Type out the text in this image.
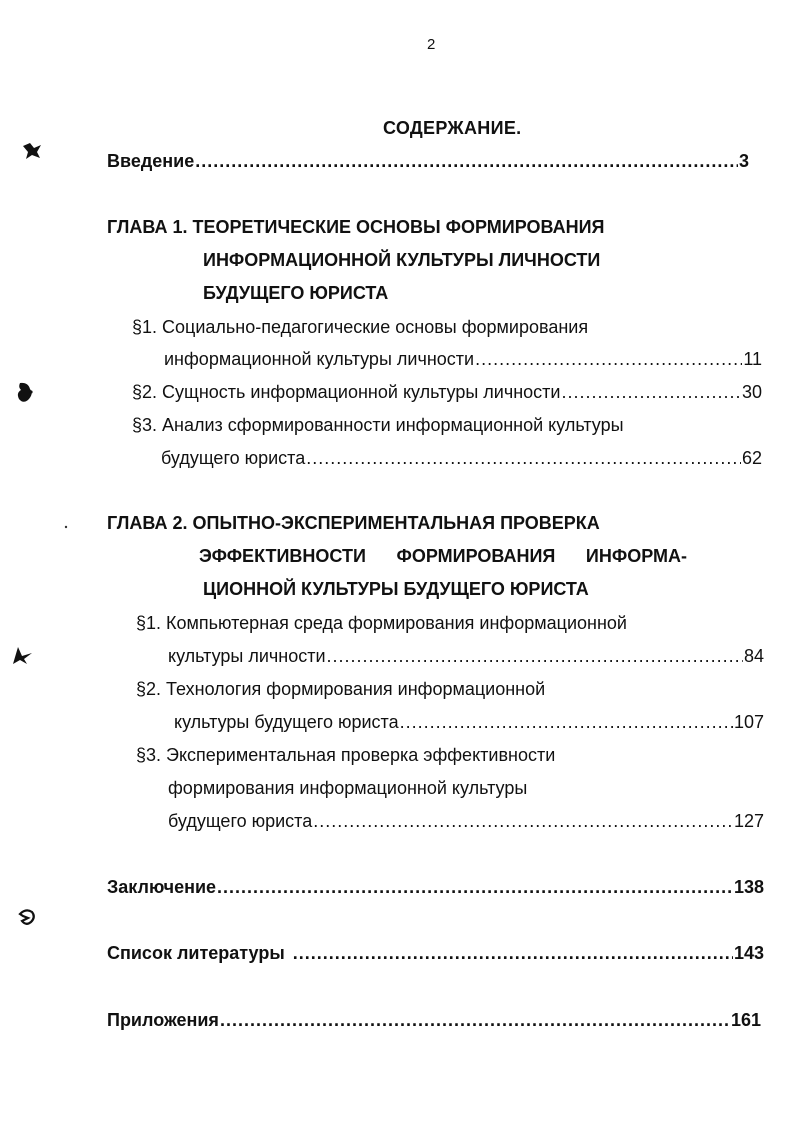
2
СОДЕРЖАНИЕ.
Введение .....	3
ГЛАВА 1. ТЕОРЕТИЧЕСКИЕ ОСНОВЫ ФОРМИРОВАНИЯ
ИНФОРМАЦИОННОЙ КУЛЬТУРЫ ЛИЧНОСТИ
БУДУЩЕГО ЮРИСТА
§1. Социально-педагогические основы формирования
информационной культуры личности .....	11
§2. Сущность информационной культуры личности .....	30
§3. Анализ сформированности информационной культуры
будущего юриста .....	62
ГЛАВА 2. ОПЫТНО-ЭКСПЕРИМЕНТАЛЬНАЯ ПРОВЕРКА
ЭФФЕКТИВНОСТИ ФОРМИРОВАНИЯ ИНФОРМА-
ЦИОННОЙ КУЛЬТУРЫ БУДУЩЕГО ЮРИСТА
§1. Компьютерная среда формирования информационной
культуры личности .....	84
§2. Технология формирования информационной
культуры будущего юриста .....	107
§3. Экспериментальная проверка эффективности
формирования информационной культуры
будущего юриста .....	127
Заключение .....	138
Список литературы .....	143
Приложения .....	161
